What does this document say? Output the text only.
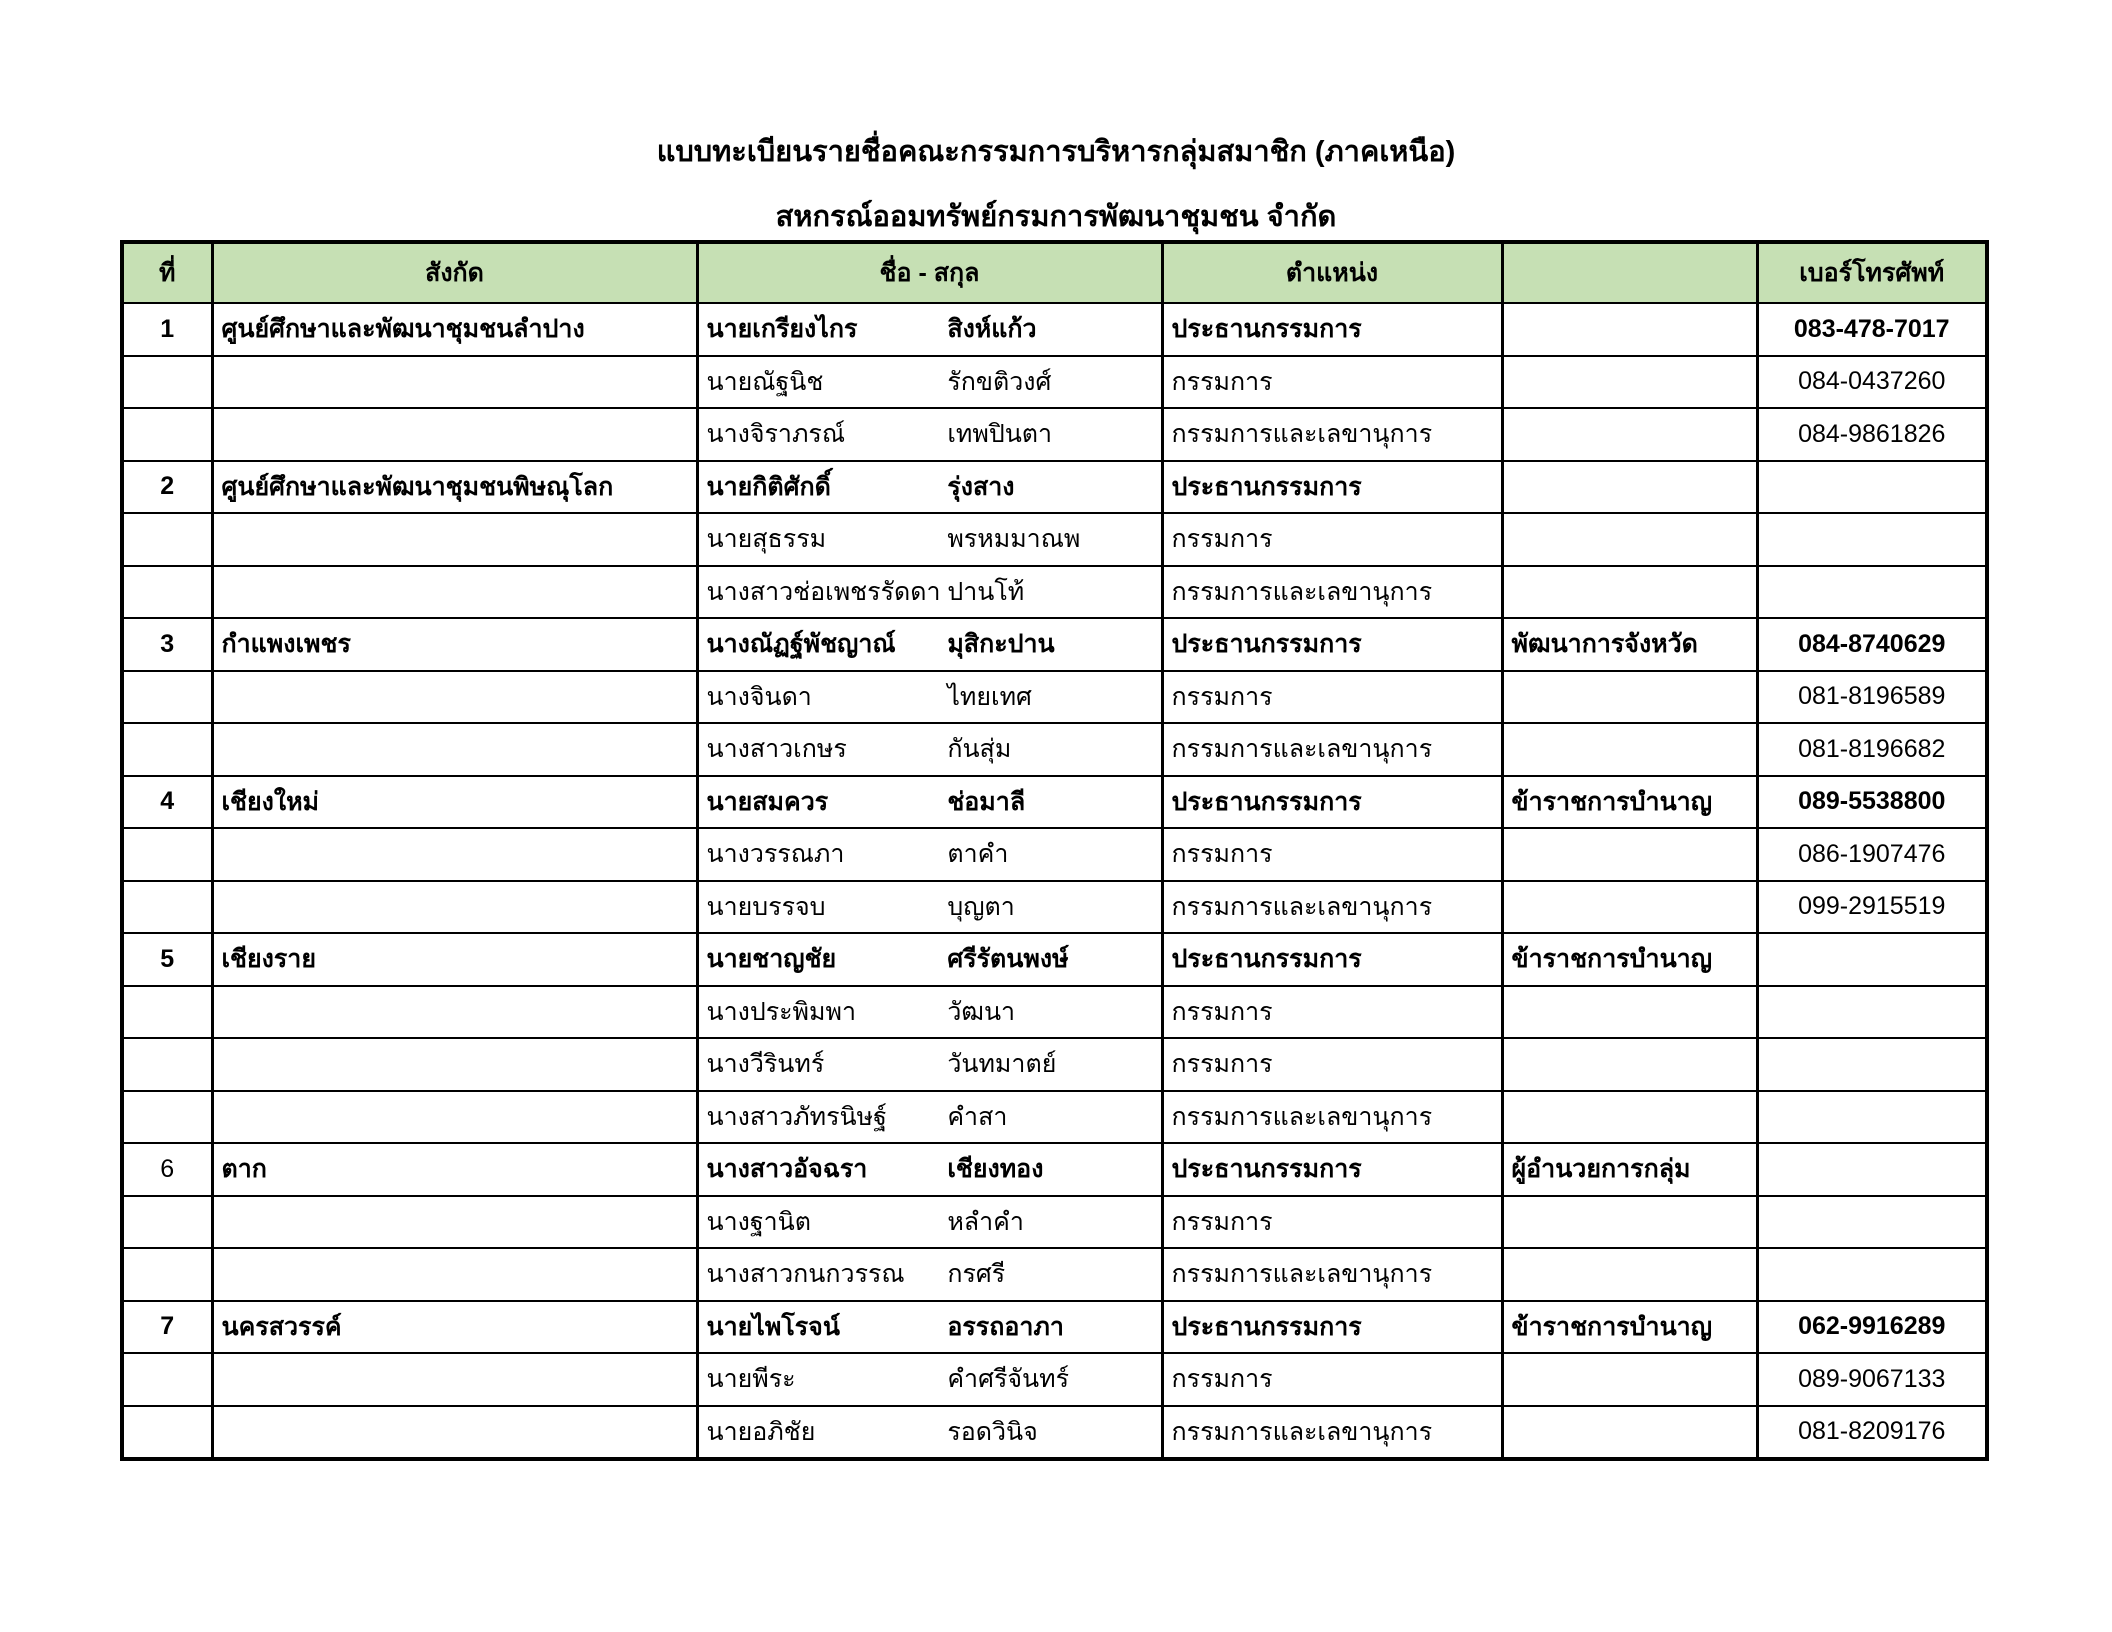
แบบทะเบียนรายชื่อคณะกรรมการบริหารกลุ่มสมาชิก (ภาคเหนือ)
สหกรณ์ออมทรัพย์กรมการพัฒนาชุมชน จำกัด
ที่	สังกัด	ชื่อ - สกุล	ตำแหน่ง		เบอร์โทรศัพท์
1	ศูนย์ศึกษาและพัฒนาชุมชนลำปาง	นายเกรียงไกร สิงห์แก้ว	ประธานกรรมการ		083-478-7017
		นายณัฐนิช รักขติวงศ์	กรรมการ		084-0437260
		นางจิราภรณ์ เทพปินตา	กรรมการและเลขานุการ		084-9861826
2	ศูนย์ศึกษาและพัฒนาชุมชนพิษณุโลก	นายกิติศักดิ์ รุ่งสาง	ประธานกรรมการ		
		นายสุธรรม พรหมมาณพ	กรรมการ		
		นางสาวช่อเพชรรัดดา ปานโท้	กรรมการและเลขานุการ		
3	กำแพงเพชร	นางณัฏฐ์พัชญาณ์ มุสิกะปาน	ประธานกรรมการ	พัฒนาการจังหวัด	084-8740629
		นางจินดา ไทยเทศ	กรรมการ		081-8196589
		นางสาวเกษร กันสุ่ม	กรรมการและเลขานุการ		081-8196682
4	เชียงใหม่	นายสมควร ช่อมาลี	ประธานกรรมการ	ข้าราชการบำนาญ	089-5538800
		นางวรรณภา ตาคำ	กรรมการ		086-1907476
		นายบรรจบ บุญตา	กรรมการและเลขานุการ		099-2915519
5	เชียงราย	นายชาญชัย ศรีรัตนพงษ์	ประธานกรรมการ	ข้าราชการบำนาญ	
		นางประพิมพา วัฒนา	กรรมการ		
		นางวีรินทร์ วันทมาตย์	กรรมการ		
		นางสาวภัทรนิษฐ์ คำสา	กรรมการและเลขานุการ		
6	ตาก	นางสาวอัจฉรา เชียงทอง	ประธานกรรมการ	ผู้อำนวยการกลุ่ม	
		นางฐานิต หลำคำ	กรรมการ		
		นางสาวกนกวรรณ กรศรี	กรรมการและเลขานุการ		
7	นครสวรรค์	นายไพโรจน์ อรรถอาภา	ประธานกรรมการ	ข้าราชการบำนาญ	062-9916289
		นายพีระ คำศรีจันทร์	กรรมการ		089-9067133
		นายอภิชัย รอดวินิจ	กรรมการและเลขานุการ		081-8209176
